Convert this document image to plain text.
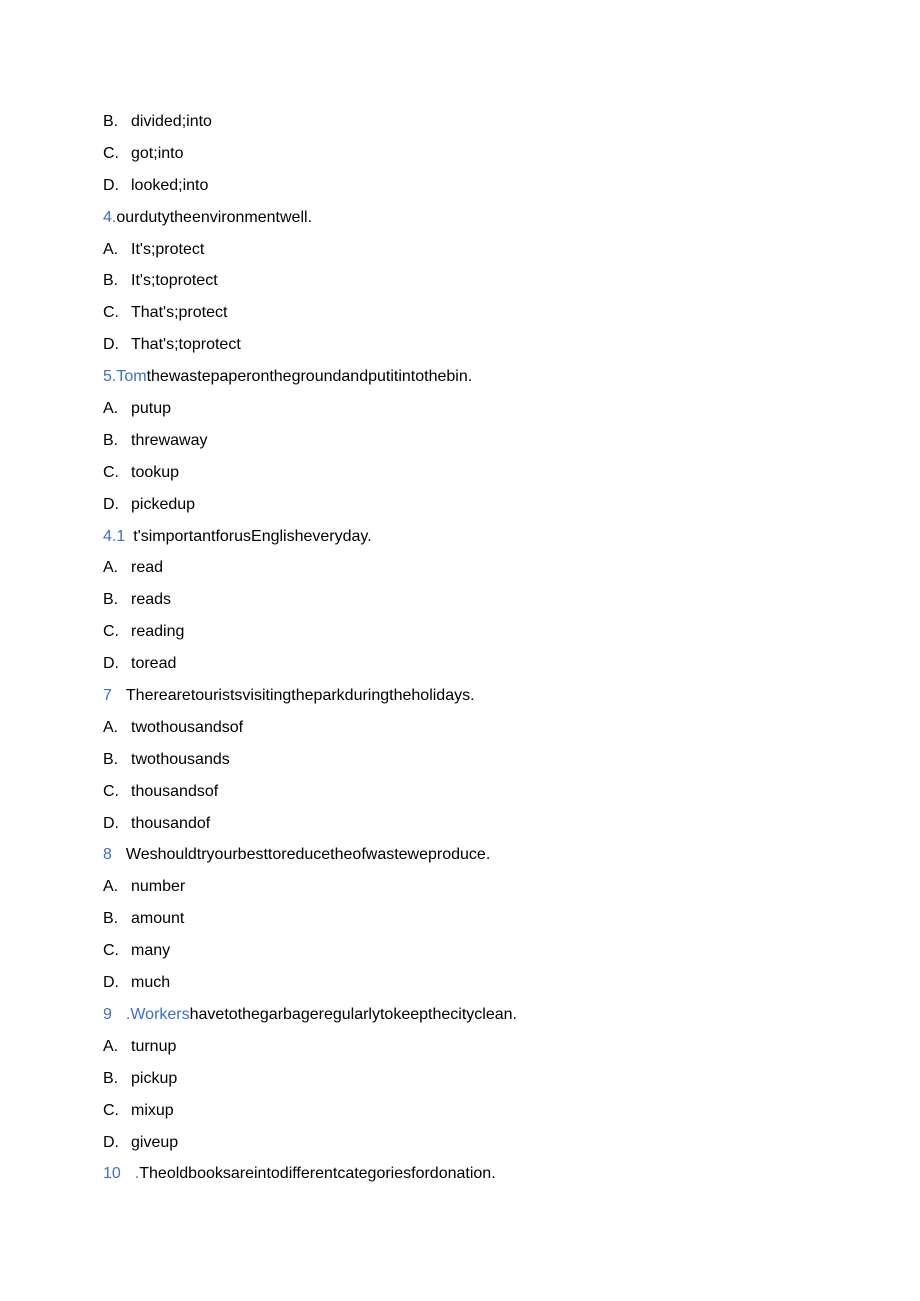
B. divided;into
C. got;into
D. looked;into
4.ourdutytheenvironmentwell.
A. It's;protect
B. It's;toprotect
C. That's;protect
D. That's;toprotect
5.Tomthewastepaperonthegroundandputitintothebin.
A. putup
B. threwaway
C. tookup
D. pickedup
4.1 t'simportantforusEnglisheveryday.
A. read
B. reads
C. reading
D. toread
7 Therearetouristsvisitingtheparkduringtheholidays.
A. twothousandsof
B. twothousands
C. thousandsof
D. thousandof
8 Weshouldtryourbesttoreducetheofwasteweproduce.
A. number
B. amount
C. many
D. much
9 .Workershavetothegarbageregularlytokeepthecityclean.
A. turnup
B. pickup
C. mixup
D. giveup
10 .Theoldbooksareintodifferentcategoriesfordonation.
